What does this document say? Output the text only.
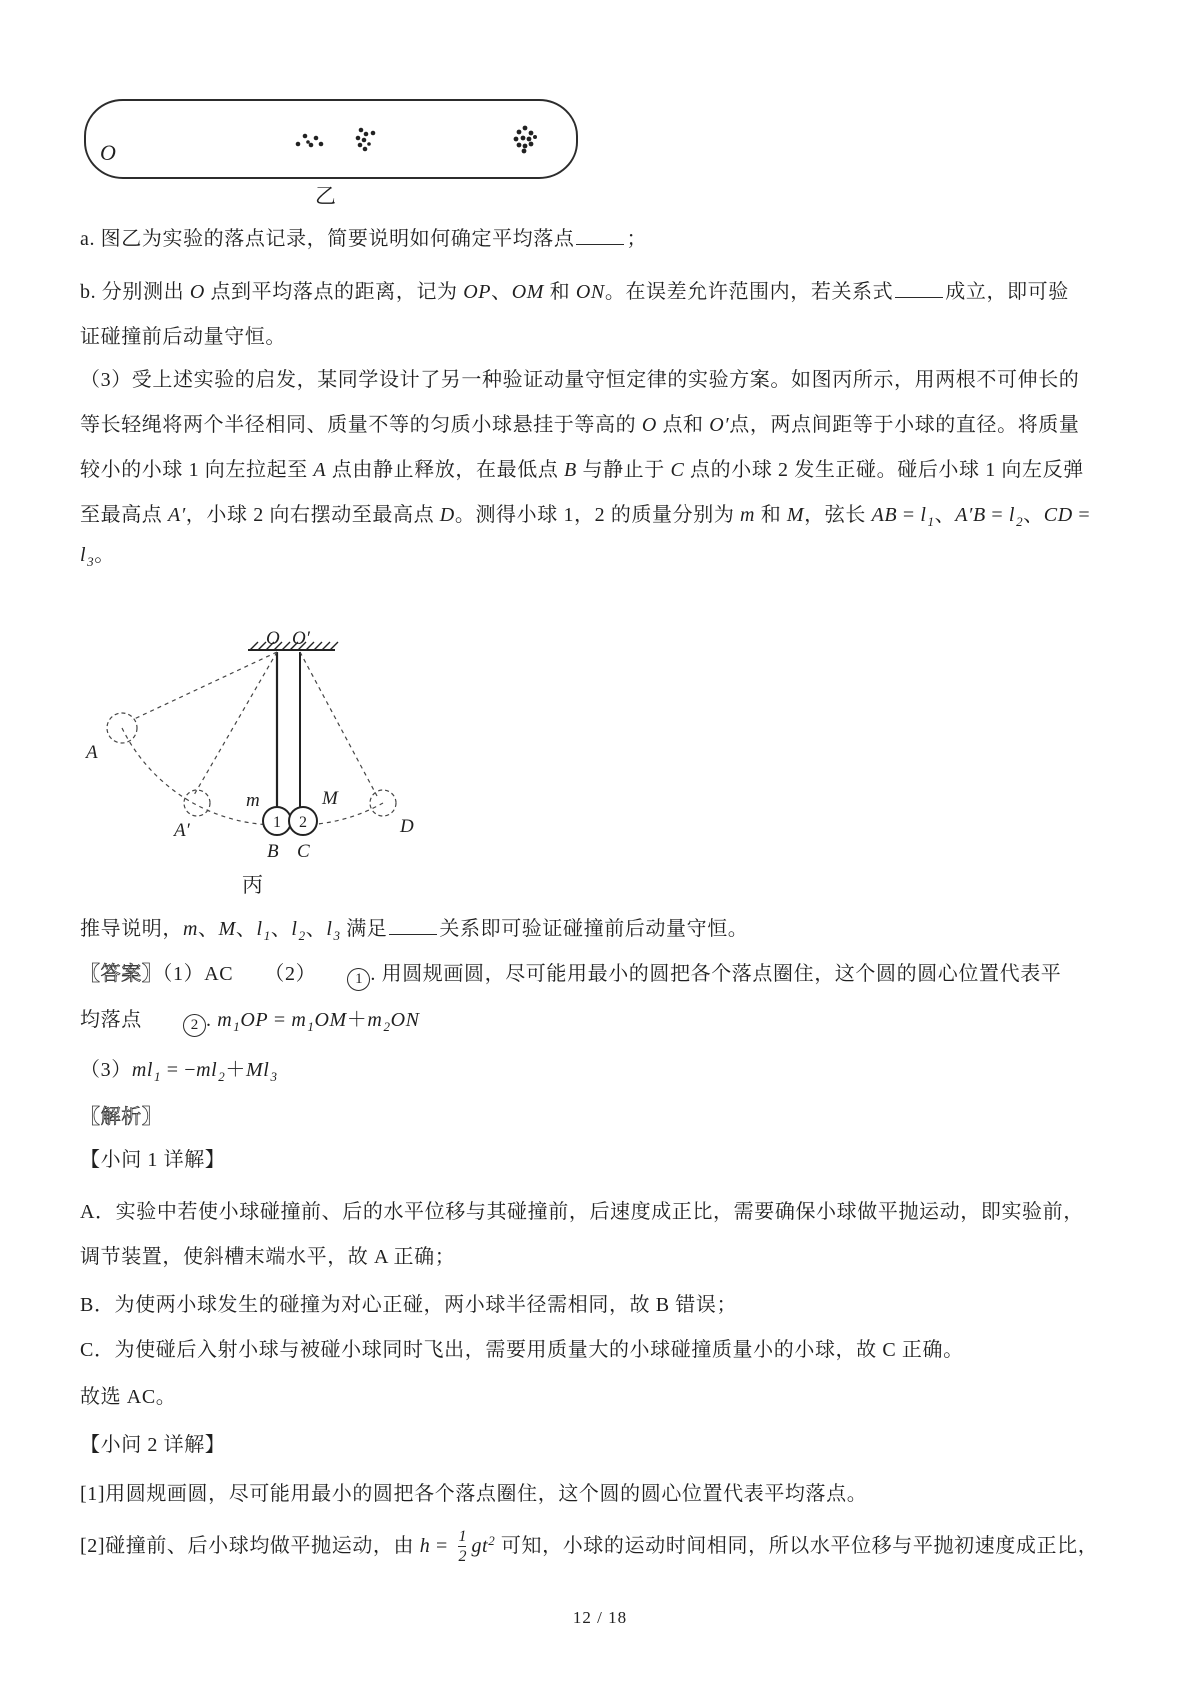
O
乙
O O′
1 2
A
A′	D
m	M
B C
丙
a. 图乙为实验的落点记录，简要说明如何确定平均落点	；
b. 分别测出 O 点到平均落点的距离，记为 OP、OM 和 ON。在误差允许范围内，若关系式	成立，即可验
证碰撞前后动量守恒。
（3）受上述实验的启发，某同学设计了另一种验证动量守恒定律的实验方案。如图丙所示，用两根不可伸长的
等长轻绳将两个半径相同、质量不等的匀质小球悬挂于等高的 O 点和 O′点，两点间距等于小球的直径。将质量
较小的小球 1 向左拉起至 A 点由静止释放，在最低点 B 与静止于 C 点的小球 2 发生正碰。碰后小球 1 向左反弹
至最高点 A′，小球 2 向右摆动至最高点 D。测得小球 1，2 的质量分别为 m 和 M，弦长 AB = $l_1$、$A'B = l_2$、CD =
$l_3$。
推导说明，m、M、$l_1$、$l_2$、$l_3$ 满足	关系即可验证碰撞前后动量守恒。
【答案】（1）AC　　（2）　　1 . 用圆规画圆，尽可能用最小的圆把各个落点圈住，这个圆的圆心位置代表平
均落点　　2 . $m_1OP = m_1OM+m_2ON$
$(3)ml_1 = -ml_2+Ml_3$
【解析】
【小问 1 详解】
A．实验中若使小球碰撞前、后的水平位移与其碰撞前，后速度成正比，需要确保小球做平抛运动，即实验前，
调节装置，使斜槽末端水平，故 A 正确；
B．为使两小球发生的碰撞为对心正碰，两小球半径需相同，故 B 错误；
C．为使碰后入射小球与被碰小球同时飞出，需要用质量大的小球碰撞质量小的小球，故 C 正确。
故选 AC。
【小问 2 详解】
[1]用圆规画圆，尽可能用最小的圆把各个落点圈住，这个圆的圆心位置代表平均落点。
[2]碰撞前、后小球均做平抛运动，由 $h = \frac{1}{2} gt^2$ 可知，小球的运动时间相同，所以水平位移与平抛初速度成正比，
12 / 18
